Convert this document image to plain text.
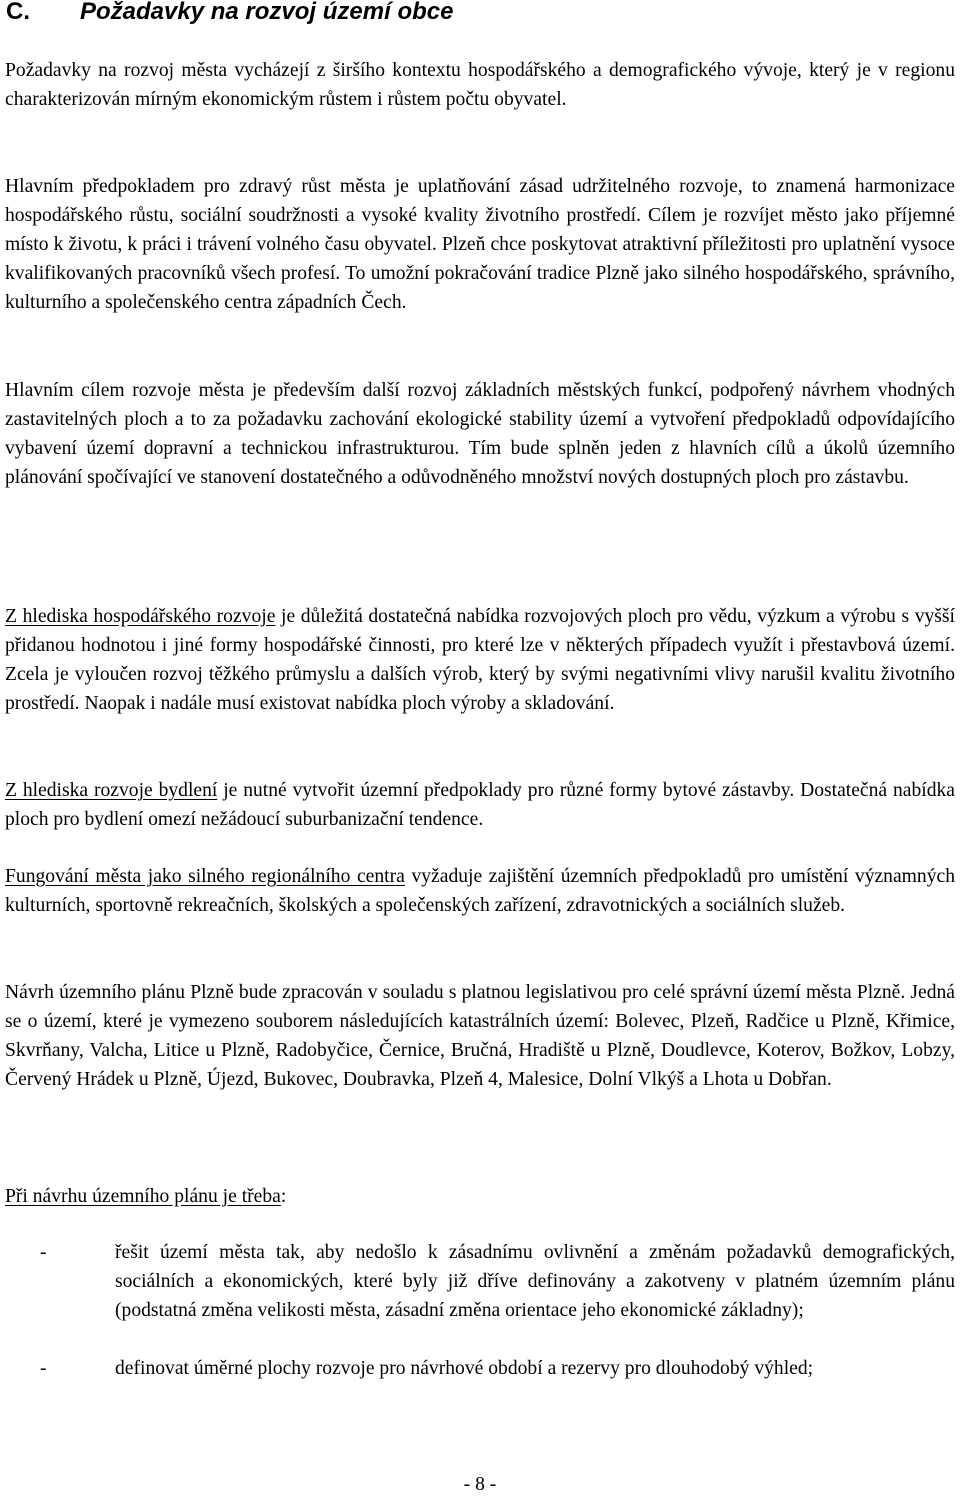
C. Požadavky na rozvoj území obce

Požadavky na rozvoj města vycházejí z širšího kontextu hospodářského a demografického vývoje, který je v regionu charakterizován mírným ekonomickým růstem i růstem počtu obyvatel.

Hlavním předpokladem pro zdravý růst města je uplatňování zásad udržitelného rozvoje, to znamená harmonizace hospodářského růstu, sociální soudržnosti a vysoké kvality životního prostředí. Cílem je rozvíjet město jako příjemné místo k životu, k práci i trávení volného času obyvatel. Plzeň chce poskytovat atraktivní příležitosti pro uplatnění vysoce kvalifikovaných pracovníků všech profesí. To umožní pokračování tradice Plzně jako silného hospodářského, správního, kulturního a společenského centra západních Čech.

Hlavním cílem rozvoje města je především další rozvoj základních městských funkcí, podpořený návrhem vhodných zastavitelných ploch a to za požadavku zachování ekologické stability území a vytvoření předpokladů odpovídajícího vybavení území dopravní a technickou infrastrukturou. Tím bude splněn jeden z hlavních cílů a úkolů územního plánování spočívající ve stanovení dostatečného a odůvodněného množství nových dostupných ploch pro zástavbu.

Z hlediska hospodářského rozvoje je důležitá dostatečná nabídka rozvojových ploch pro vědu, výzkum a výrobu s vyšší přidanou hodnotou i jiné formy hospodářské činnosti, pro které lze v některých případech využít i přestavbová území. Zcela je vyloučen rozvoj těžkého průmyslu a dalších výrob, který by svými negativními vlivy narušil kvalitu životního prostředí. Naopak i nadále musí existovat nabídka ploch výroby a skladování.

Z hlediska rozvoje bydlení je nutné vytvořit územní předpoklady pro různé formy bytové zástavby. Dostatečná nabídka ploch pro bydlení omezí nežádoucí suburbanizační tendence.

Fungování města jako silného regionálního centra vyžaduje zajištění územních předpokladů pro umístění významných kulturních, sportovně rekreačních, školských a společenských zařízení, zdravotnických a sociálních služeb.

Návrh územního plánu Plzně bude zpracován v souladu s platnou legislativou pro celé správní území města Plzně. Jedná se o území, které je vymezeno souborem následujících katastrálních území: Bolevec, Plzeň, Radčice u Plzně, Křimice, Skvrňany, Valcha, Litice u Plzně, Radobyčice, Černice, Bručná, Hradiště u Plzně, Doudlevce, Koterov, Božkov, Lobzy, Červený Hrádek u Plzně, Újezd, Bukovec, Doubravka, Plzeň 4, Malesice, Dolní Vlkýš a Lhota u Dobřan.

Při návrhu územního plánu je třeba:

-	řešit území města tak, aby nedošlo k zásadnímu ovlivnění a změnám požadavků demografických, sociálních a ekonomických, které byly již dříve definovány a zakotveny v platném územním plánu (podstatná změna velikosti města, zásadní změna orientace jeho ekonomické základny);

-	definovat úměrné plochy rozvoje pro návrhové období a rezervy pro dlouhodobý výhled;

- 8 -
